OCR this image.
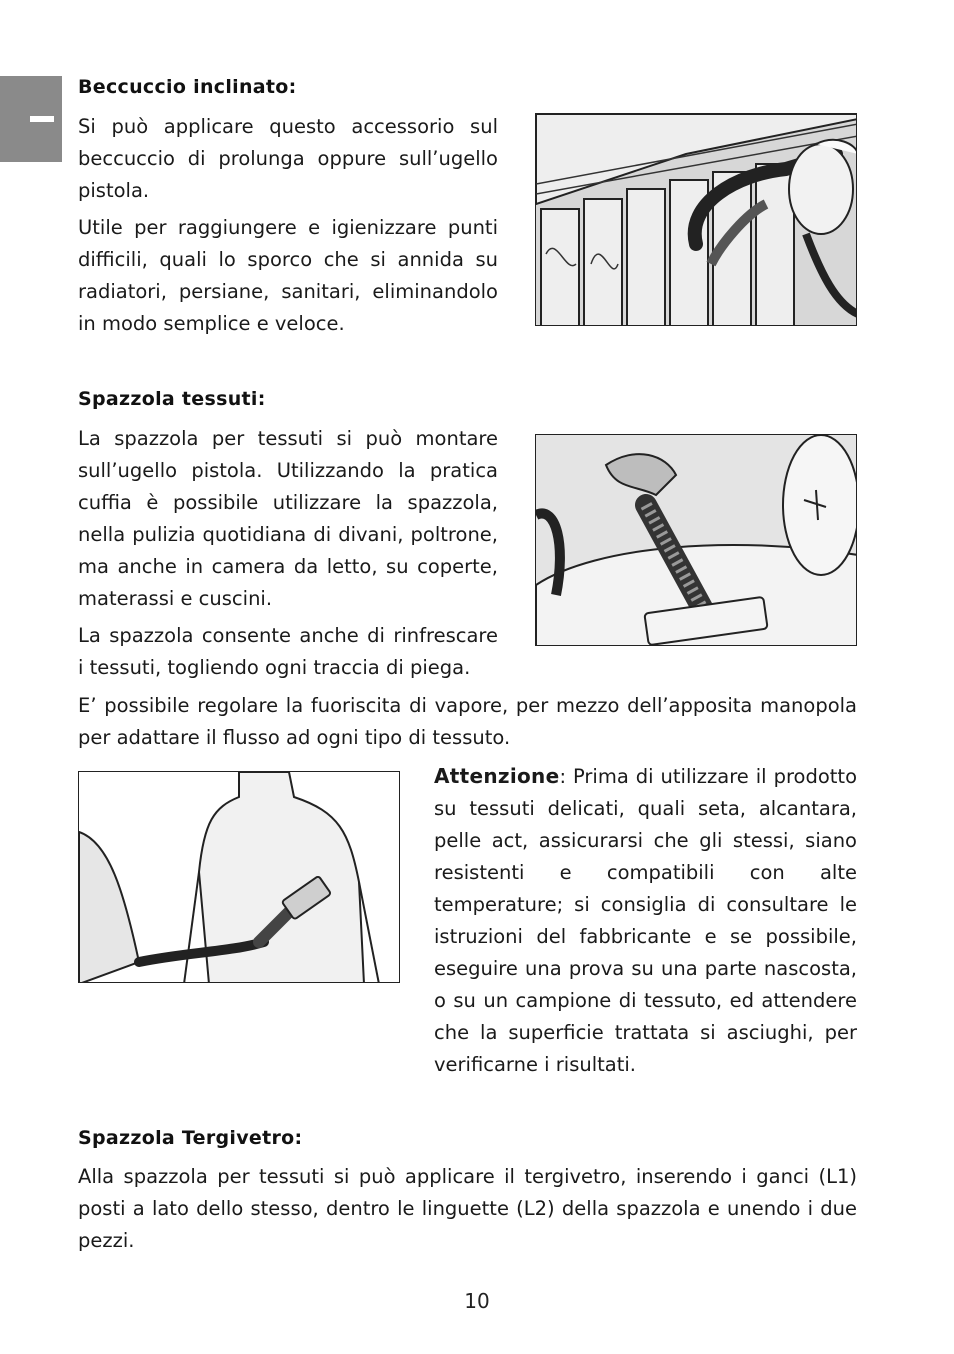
Beccuccio inclinato:

Si può applicare questo accessorio sul beccuccio di prolunga oppure sull’ugello pistola.

Utile per raggiungere e igienizzare punti difficili, quali lo sporco che si annida su radiatori, persiane, sanitari, eliminandolo in modo semplice e veloce.

Spazzola tessuti:

La spazzola per tessuti si può montare sull’ugello pistola. Utilizzando la pratica cuffia è possibile utilizzare la spazzola, nella pulizia quotidiana di divani, poltrone, ma anche in camera da letto, su coperte, materassi e cuscini.

La spazzola consente anche di rinfrescare i tessuti, togliendo ogni traccia di piega.

E’ possibile regolare la fuoriscita di vapore, per mezzo dell’apposita manopola per adattare il flusso ad ogni tipo di tessuto.

Attenzione: Prima di utilizzare il prodotto su tessuti delicati, quali seta, alcantara, pelle act, assicurarsi che gli stessi, siano resistenti e compatibili con alte temperature; si consiglia di consultare le istruzioni del fabbricante e se possibile, eseguire una prova su una parte nascosta, o su un campione di tessuto, ed attendere che la superficie trattata si asciughi, per verificarne i risultati.

Spazzola Tergivetro:

Alla spazzola per tessuti si può applicare il tergivetro, inserendo i ganci (L1) posti a lato dello stesso, dentro le linguette (L2) della spazzola e unendo i due pezzi.

10
